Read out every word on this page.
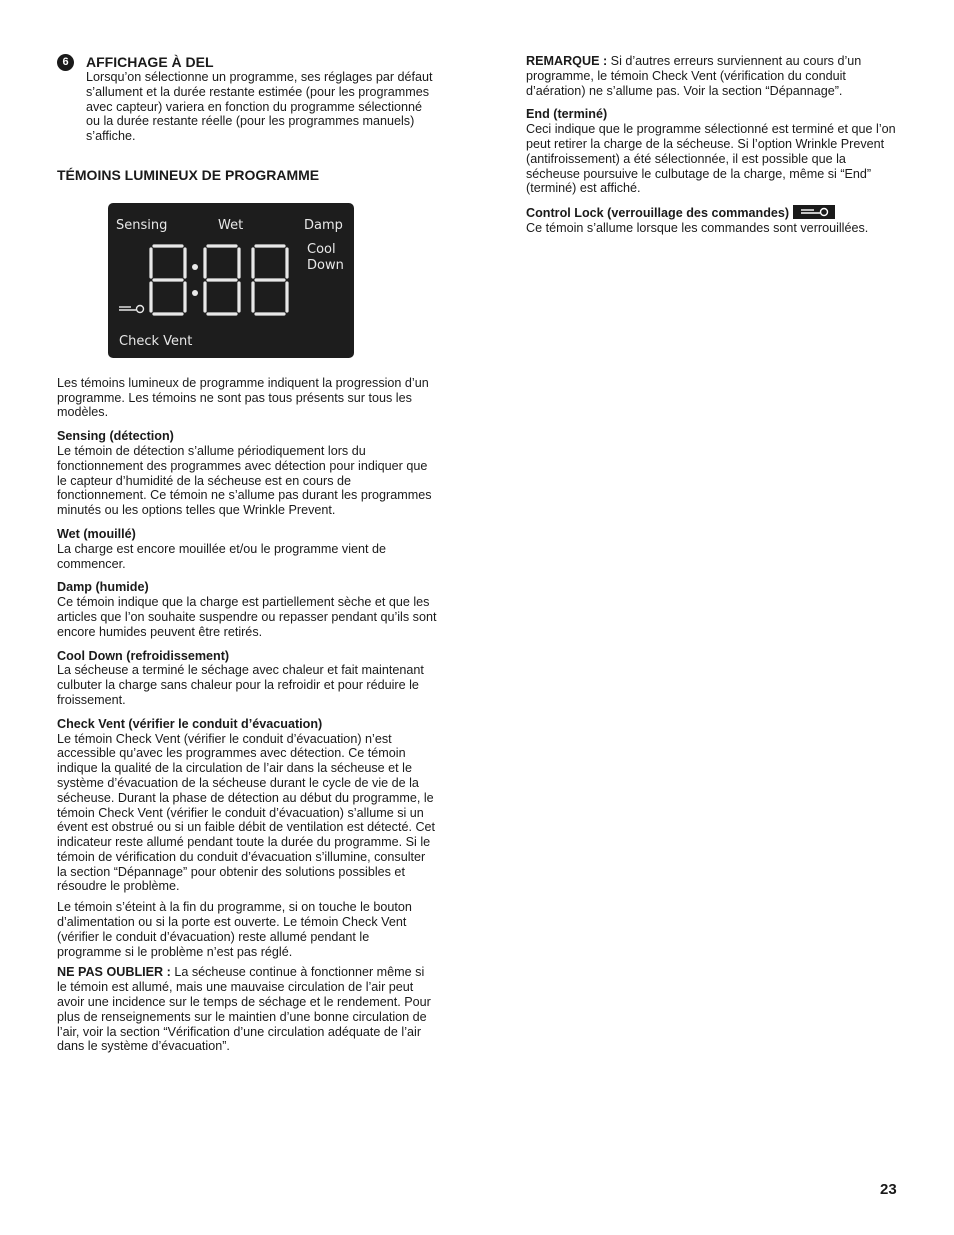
6	AFFICHAGE À DEL

Lorsqu’on sélectionne un programme, ses réglages par défaut s’allument et la durée restante estimée (pour les programmes avec capteur) variera en fonction du programme sélectionné ou la durée restante réelle (pour les programmes manuels) s’affiche.

TÉMOINS LUMINEUX DE PROGRAMME

Sensing	Wet	Damp
Cool
Down
Check Vent

Les témoins lumineux de programme indiquent la progression d’un programme. Les témoins ne sont pas tous présents sur tous les modèles.

Sensing (détection)

Le témoin de détection s’allume périodiquement lors du fonctionnement des programmes avec détection pour indiquer que le capteur d’humidité de la sécheuse est en cours de fonctionnement. Ce témoin ne s’allume pas durant les programmes minutés ou les options telles que Wrinkle Prevent.

Wet (mouillé)

La charge est encore mouillée et/ou le programme vient de commencer.

Damp (humide)

Ce témoin indique que la charge est partiellement sèche et que les articles que l’on souhaite suspendre ou repasser pendant qu’ils sont encore humides peuvent être retirés.

Cool Down (refroidissement)

La sécheuse a terminé le séchage avec chaleur et fait maintenant culbuter la charge sans chaleur pour la refroidir et pour réduire le froissement.

Check Vent (vérifier le conduit d’évacuation)

Le témoin Check Vent (vérifier le conduit d’évacuation) n’est accessible qu’avec les programmes avec détection. Ce témoin indique la qualité de la circulation de l’air dans la sécheuse et le système d’évacuation de la sécheuse durant le cycle de vie de la sécheuse. Durant la phase de détection au début du programme, le témoin Check Vent (vérifier le conduit d’évacuation) s’allume si un évent est obstrué ou si un faible débit de ventilation est détecté. Cet indicateur reste allumé pendant toute la durée du programme. Si le témoin de vérification du conduit d’évacuation s’illumine, consulter la section “Dépannage” pour obtenir des solutions possibles et résoudre le problème.

Le témoin s’éteint à la fin du programme, si on touche le bouton d’alimentation ou si la porte est ouverte. Le témoin Check Vent (vérifier le conduit d’évacuation) reste allumé pendant le programme si le problème n’est pas réglé.

NE PAS OUBLIER : La sécheuse continue à fonctionner même si le témoin est allumé, mais une mauvaise circulation de l’air peut avoir une incidence sur le temps de séchage et le rendement. Pour plus de renseignements sur le maintien d’une bonne circulation de l’air, voir la section “Vérification d’une circulation adéquate de l’air dans le système d’évacuation”.

REMARQUE : Si d’autres erreurs surviennent au cours d’un programme, le témoin Check Vent (vérification du conduit d’aération) ne s’allume pas. Voir la section “Dépannage”.

End (terminé)

Ceci indique que le programme sélectionné est terminé et que l’on peut retirer la charge de la sécheuse. Si l’option Wrinkle Prevent (antifroissement) a été sélectionnée, il est possible que la sécheuse poursuive le culbutage de la charge, même si “End” (terminé) est affiché.

Control Lock (verrouillage des commandes)

Ce témoin s’allume lorsque les commandes sont verrouillées.

23
